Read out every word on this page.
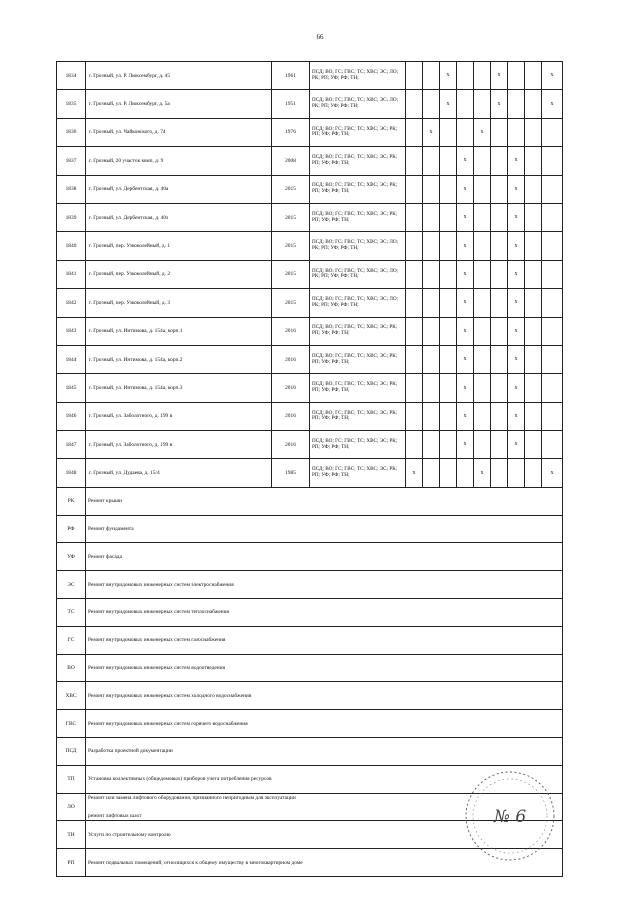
66
1834	г. Грозный, ул. Р. Люксембург, д. 45	1961	ПСД; ВО; ГС; ГВС; ТС; ХВС; ЭС; ЛО; РК; РП; УФ; РФ; ТН;			x			x			x
1835	г. Грозный, ул. Р. Люксембург, д. 5а	1951	ПСД; ВО; ГС; ГВС; ТС; ХВС; ЭС; ЛО; РК; РП; УФ; РФ; ТН;			x			x			x
1836	г. Грозный, ул. Чайковского, д. 74	1976	ПСД; ВО; ГС; ГВС; ТС; ХВС; ЭС; РК; РП; УФ; РФ; ТН;		x			x				
1837	г. Грозный, 20 участок квнп, д. 9	2008	ПСД; ВО; ГС; ГВС; ТС; ХВС; ЭС; РК; РП; УФ; РФ; ТН;				x			x		
1838	г. Грозный, ул. Дербентская, д. 40а	2015	ПСД; ВО; ГС; ГВС; ТС; ХВС; ЭС; РК; РП; УФ; РФ; ТН;				x			x		
1839	г. Грозный, ул. Дербентская, д. 40з	2015	ПСД; ВО; ГС; ГВС; ТС; ХВС; ЭС; РК; РП; УФ; РФ; ТН;				x			x		
1840	г. Грозный, пер. Узкоколейный, д. 1	2015	ПСД; ВО; ГС; ГВС; ТС; ХВС; ЭС; ЛО; РК; РП; УФ; РФ; ТН;				x			x		
1841	г. Грозный, пер. Узкоколейный, д. 2	2015	ПСД; ВО; ГС; ГВС; ТС; ХВС; ЭС; ЛО; РК; РП; УФ; РФ; ТН;				x			x		
1842	г. Грозный, пер. Узкоколейный, д. 3	2015	ПСД; ВО; ГС; ГВС; ТС; ХВС; ЭС; ЛО; РК; РП; УФ; РФ; ТН;				x			x		
1843	г. Грозный, ул. Интимова, д. 154а, корп.1	2016	ПСД; ВО; ГС; ГВС; ТС; ХВС; ЭС; РК; РП; УФ; РФ; ТН;				x			x		
1844	г. Грозный, ул. Интимова, д. 154а, корп.2	2016	ПСД; ВО; ГС; ГВС; ТС; ХВС; ЭС; РК; РП; УФ; РФ; ТН;				x			x		
1845	г. Грозный, ул. Интимова, д. 154а, корп.3	2016	ПСД; ВО; ГС; ГВС; ТС; ХВС; ЭС; РК; РП; УФ; РФ; ТН;				x			x		
1846	г. Грозный, ул. Заболотного, д. 199 в	2016	ПСД; ВО; ГС; ГВС; ТС; ХВС; ЭС; РК; РП; УФ; РФ; ТН;				x			x		
1847	г. Грозный, ул. Заболотного, д. 199 в	2016	ПСД; ВО; ГС; ГВС; ТС; ХВС; ЭС; РК; РП; УФ; РФ; ТН;				x			x		
1848	г. Грозный, ул. Дудаева, д. 15/4	1985	ПСД; ВО; ГС; ГВС; ТС; ХВС; ЭС; РК; РП; УФ; РФ; ТН;	x				x				x
РК	Ремонт крыши											

РФ	Ремонт фундамента											

УФ	Ремонт фасада											

ЭС	Ремонт внутридомовых инженерных систем электроснабжения											

ТС	Ремонт внутридомовых инженерных систем теплоснабжения											

ГС	Ремонт внутридомовых инженерных систем газоснабжения											

ВО	Ремонт внутридомовых инженерных систем водоотведения											

ХВС	Ремонт внутридомовых инженерных систем холодного водоснабжения											

ГВС	Ремонт внутридомовых инженерных систем горячего водоснабжения											

ПСД	Разработка проектной документации											

ТП	Установка коллективных (общедомовых) приборов учета потребления ресурсов											

ЛО	Ремонт или замена лифтового оборудования, признанного непригодным для эксплуатации
ремонт лифтовых шахт											

ТН	Услуги по строительному контролю											

РП	Ремонт подвальных помещений, относящихся к общему имуществу в многоквартирном доме											
№ 6
